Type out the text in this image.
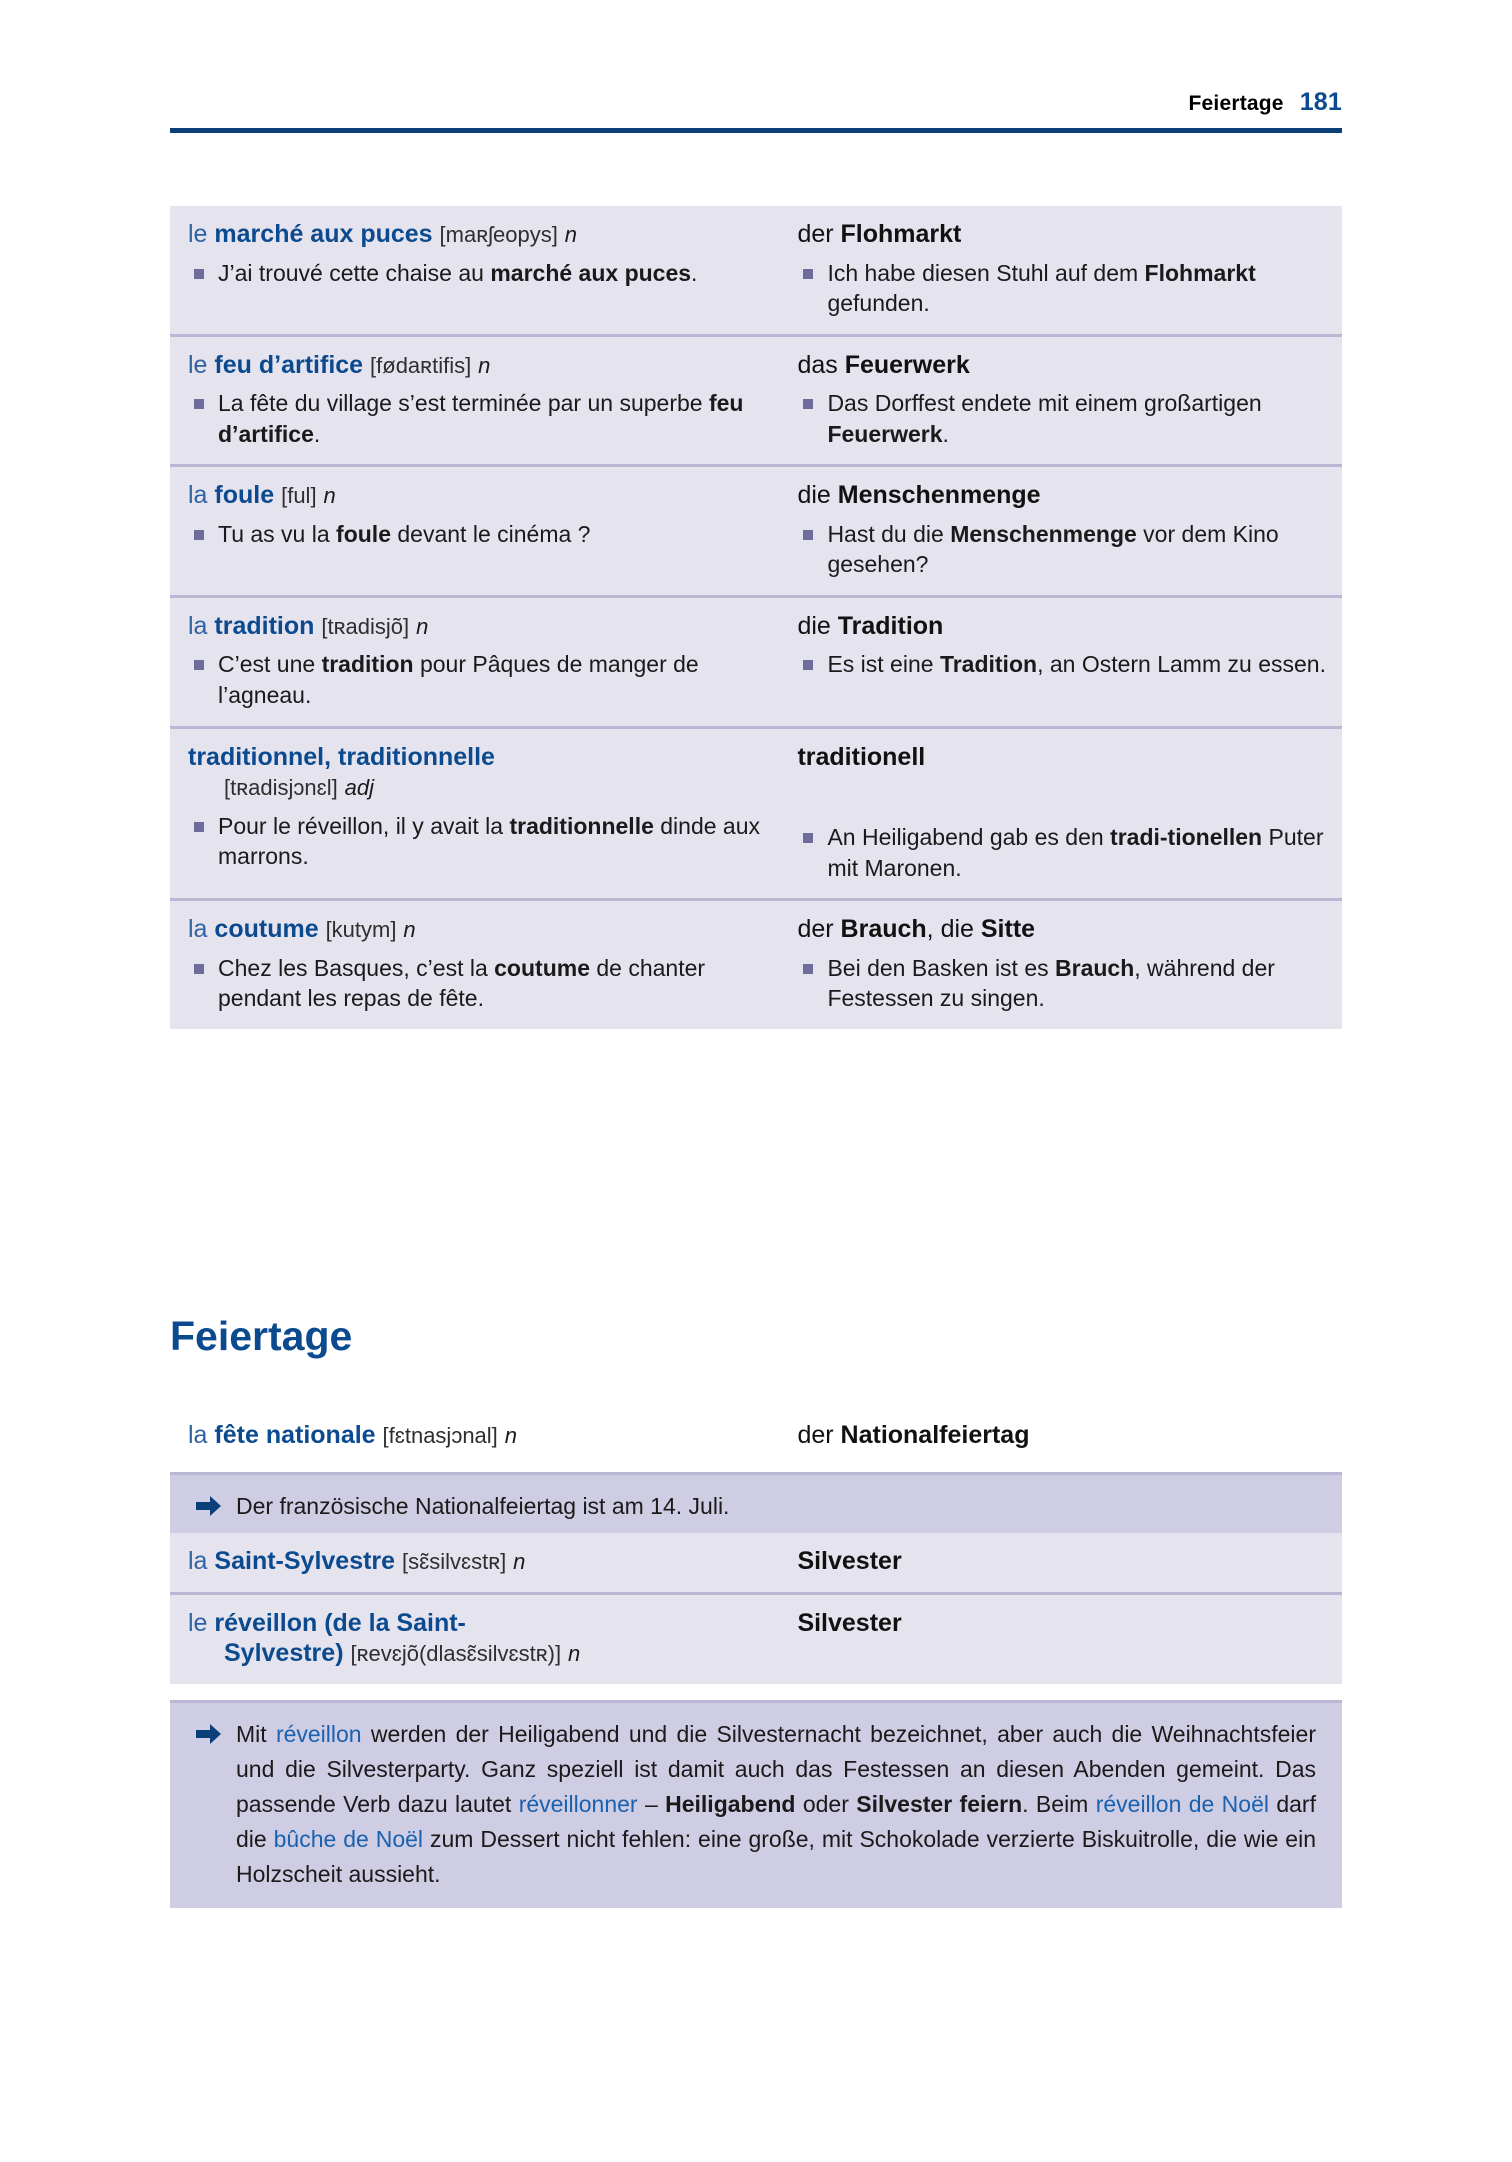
Feiertage 181
le marché aux puces [maʀʃeopys] n
J’ai trouvé cette chaise au marché aux puces.
der Flohmarkt
Ich habe diesen Stuhl auf dem Flohmarkt gefunden.
le feu d’artifice [fødaʀtifis] n
La fête du village s’est terminée par un superbe feu d’artifice.
das Feuerwerk
Das Dorffest endete mit einem großartigen Feuerwerk.
la foule [ful] n
Tu as vu la foule devant le cinéma ?
die Menschenmenge
Hast du die Menschenmenge vor dem Kino gesehen?
la tradition [tʀadisjõ] n
C’est une tradition pour Pâques de manger de l’agneau.
die Tradition
Es ist eine Tradition, an Ostern Lamm zu essen.
traditionnel, traditionnelle
[tʀadisjɔnɛl] adj
Pour le réveillon, il y avait la traditionnelle dinde aux marrons.
traditionell
An Heiligabend gab es den tradi-tionellen Puter mit Maronen.
la coutume [kutym] n
Chez les Basques, c’est la coutume de chanter pendant les repas de fête.
der Brauch, die Sitte
Bei den Basken ist es Brauch, während der Festessen zu singen.
Feiertage
la fête nationale [fɛtnasjɔnal] n	der Nationalfeiertag
Der französische Nationalfeiertag ist am 14. Juli.
la Saint-Sylvestre [sɛ̃silvɛstʀ] n	Silvester
le réveillon (de la Saint-
Sylvestre) [ʀevɛjõ(dlasɛ̃silvɛstʀ)] n
Silvester
Mit réveillon werden der Heiligabend und die Silvesternacht bezeichnet, aber auch die Weihnachtsfeier und die Silvesterparty. Ganz speziell ist damit auch das Festessen an diesen Abenden gemeint. Das passende Verb dazu lautet réveillonner – Heiligabend oder Silvester feiern. Beim réveillon de Noël darf die bûche de Noël zum Dessert nicht fehlen: eine große, mit Schokolade verzierte Biskuitrolle, die wie ein Holzscheit aussieht.
